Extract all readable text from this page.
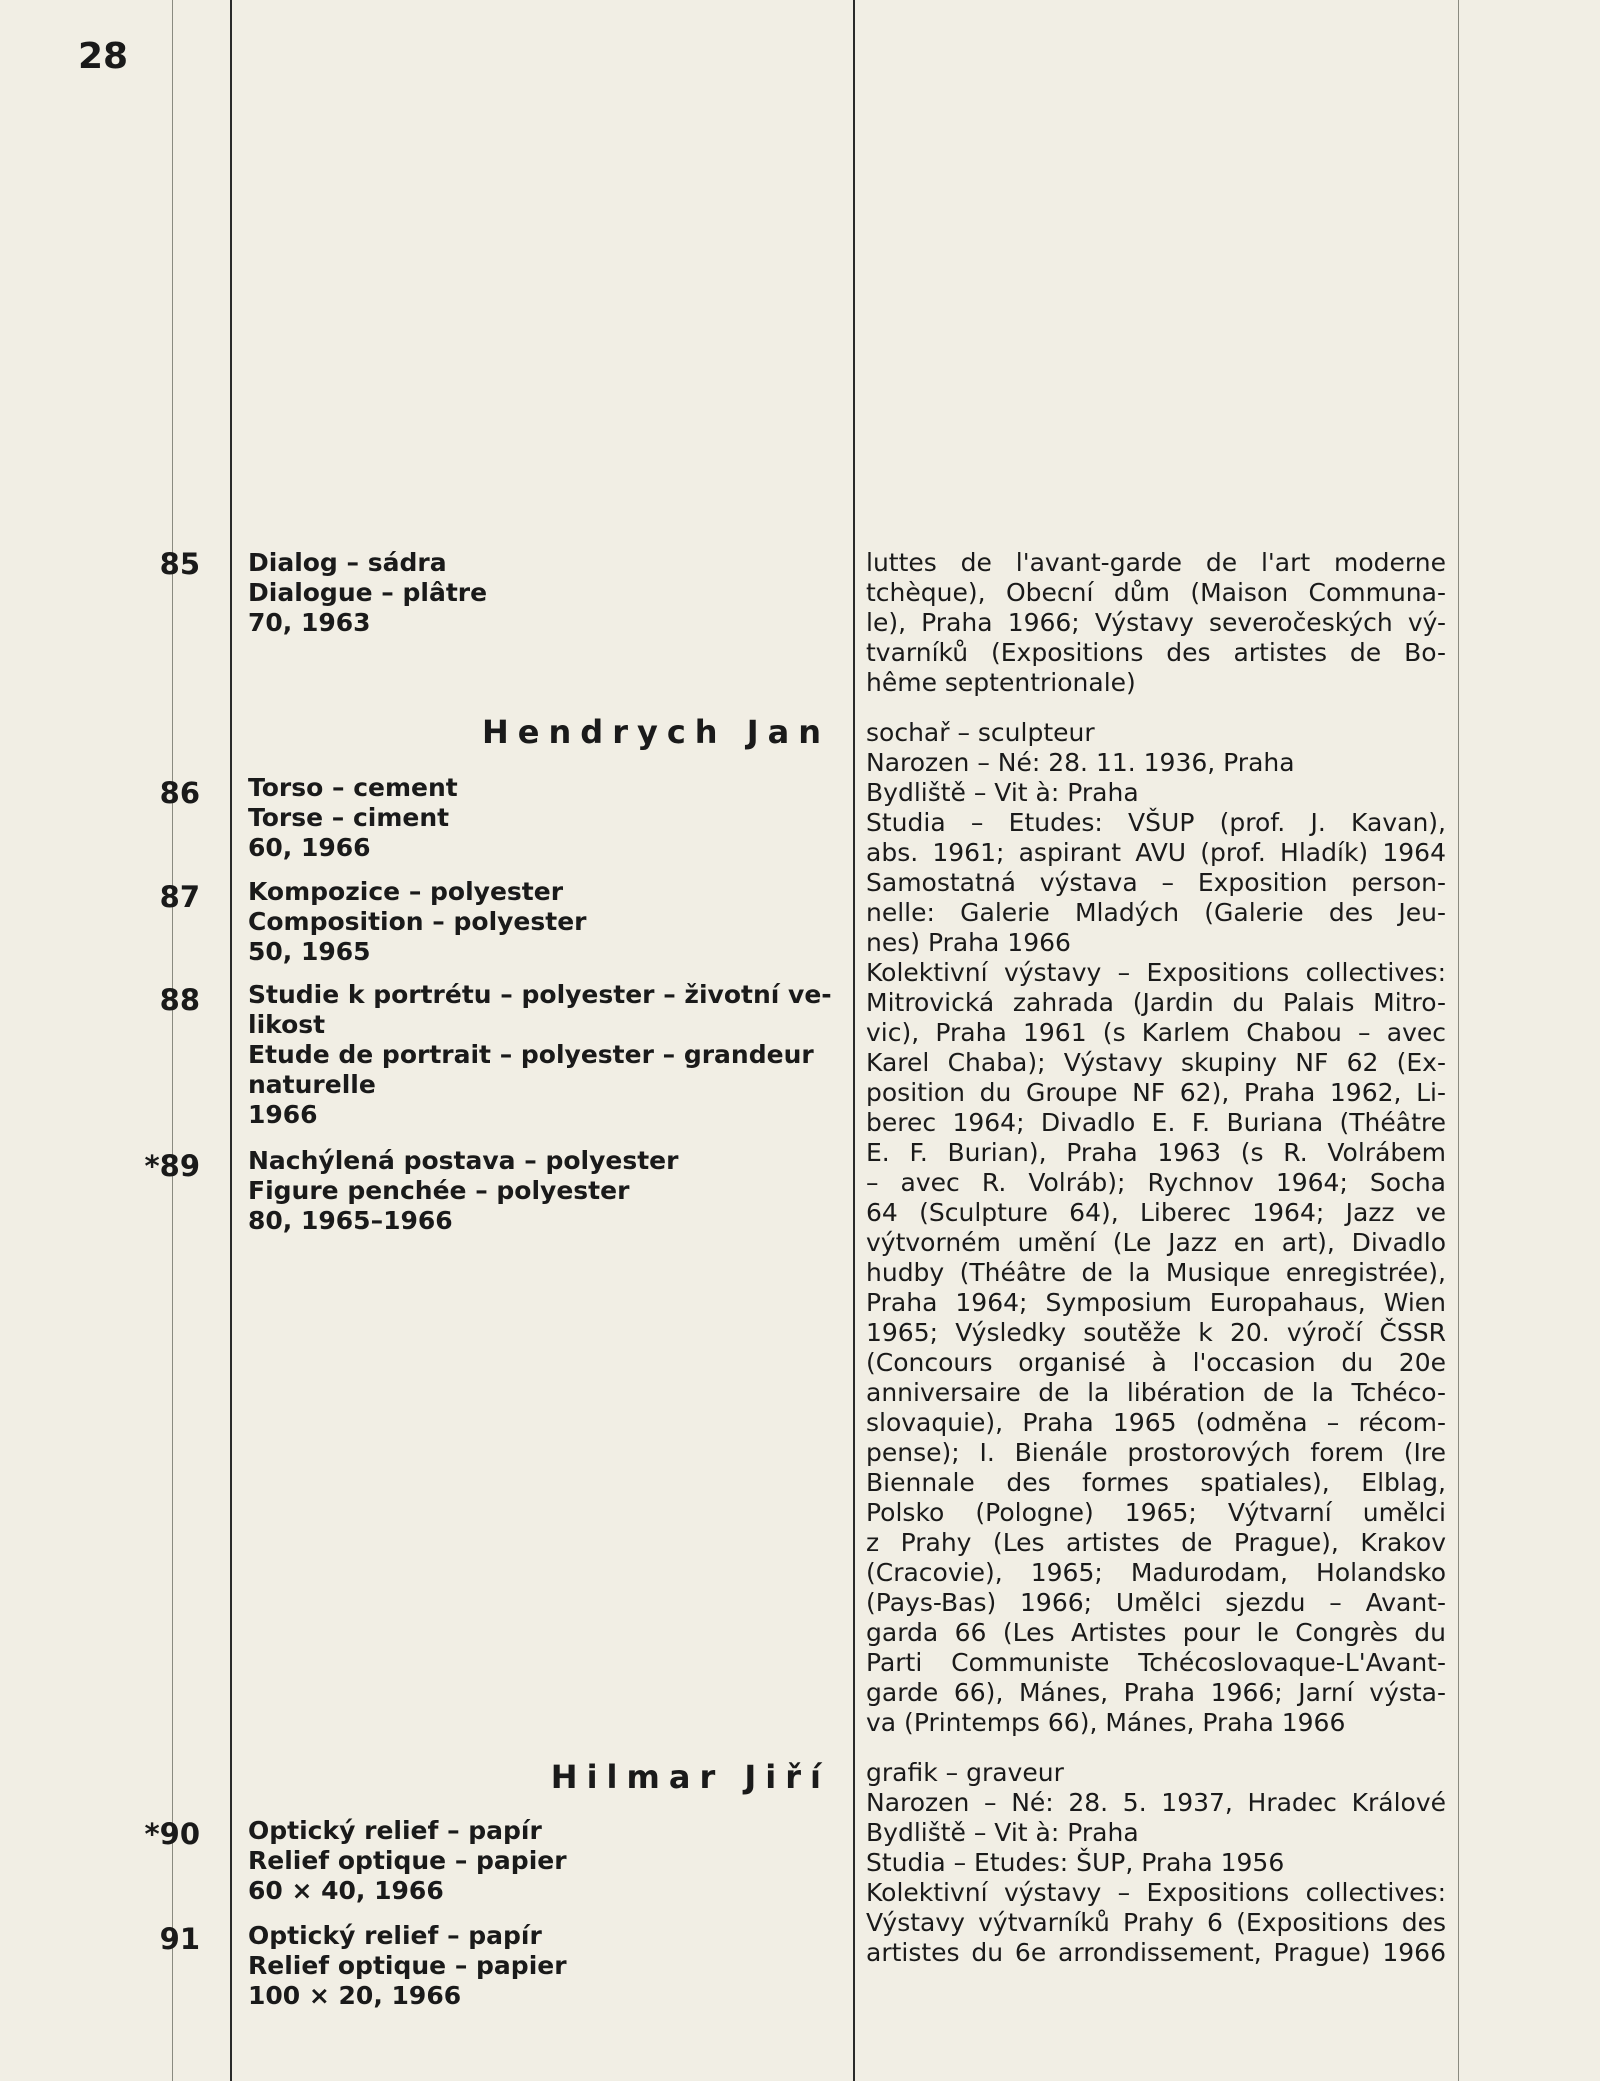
28
85 Dialog – sádra
Dialogue – plâtre
70, 1963
Hendrych Jan
86 Torso – cement
Torse – ciment
60, 1966
87 Kompozice – polyester
Composition – polyester
50, 1965
88 Studie k portrétu – polyester – životní ve-
likost
Etude de portrait – polyester – grandeur
naturelle
1966
*89 Nachýlená postava – polyester
Figure penchée – polyester
80, 1965–1966
Hilmar Jiří
*90 Optický relief – papír
Relief optique – papier
60 × 40, 1966
91 Optický relief – papír
Relief optique – papier
100 × 20, 1966
luttes de l'avant-garde de l'art moderne
tchèque), Obecní dům (Maison Communa-
le), Praha 1966; Výstavy severočeských vý-
tvarníků (Expositions des artistes de Bo-
hême septentrionale)
sochař – sculpteur
Narozen – Né: 28. 11. 1936, Praha
Bydliště – Vit à: Praha
Studia – Etudes: VŠUP (prof. J. Kavan),
abs. 1961; aspirant AVU (prof. Hladík) 1964
Samostatná výstava – Exposition person-
nelle: Galerie Mladých (Galerie des Jeu-
nes) Praha 1966
Kolektivní výstavy – Expositions collectives:
Mitrovická zahrada (Jardin du Palais Mitro-
vic), Praha 1961 (s Karlem Chabou – avec
Karel Chaba); Výstavy skupiny NF 62 (Ex-
position du Groupe NF 62), Praha 1962, Li-
berec 1964; Divadlo E. F. Buriana (Théâtre
E. F. Burian), Praha 1963 (s R. Volrábem
– avec R. Volráb); Rychnov 1964; Socha
64 (Sculpture 64), Liberec 1964; Jazz ve
výtvorném umění (Le Jazz en art), Divadlo
hudby (Théâtre de la Musique enregistrée),
Praha 1964; Symposium Europahaus, Wien
1965; Výsledky soutěže k 20. výročí ČSSR
(Concours organisé à l'occasion du 20e
anniversaire de la libération de la Tchéco-
slovaquie), Praha 1965 (odměna – récom-
pense); I. Bienále prostorových forem (Ire
Biennale des formes spatiales), Elblag,
Polsko (Pologne) 1965; Výtvarní umělci
z Prahy (Les artistes de Prague), Krakov
(Cracovie), 1965; Madurodam, Holandsko
(Pays-Bas) 1966; Umělci sjezdu – Avant-
garda 66 (Les Artistes pour le Congrès du
Parti Communiste Tchécoslovaque-L'Avant-
garde 66), Mánes, Praha 1966; Jarní výsta-
va (Printemps 66), Mánes, Praha 1966
grafik – graveur
Narozen – Né: 28. 5. 1937, Hradec Králové
Bydliště – Vit à: Praha
Studia – Etudes: ŠUP, Praha 1956
Kolektivní výstavy – Expositions collectives:
Výstavy výtvarníků Prahy 6 (Expositions des
artistes du 6e arrondissement, Prague) 1966
